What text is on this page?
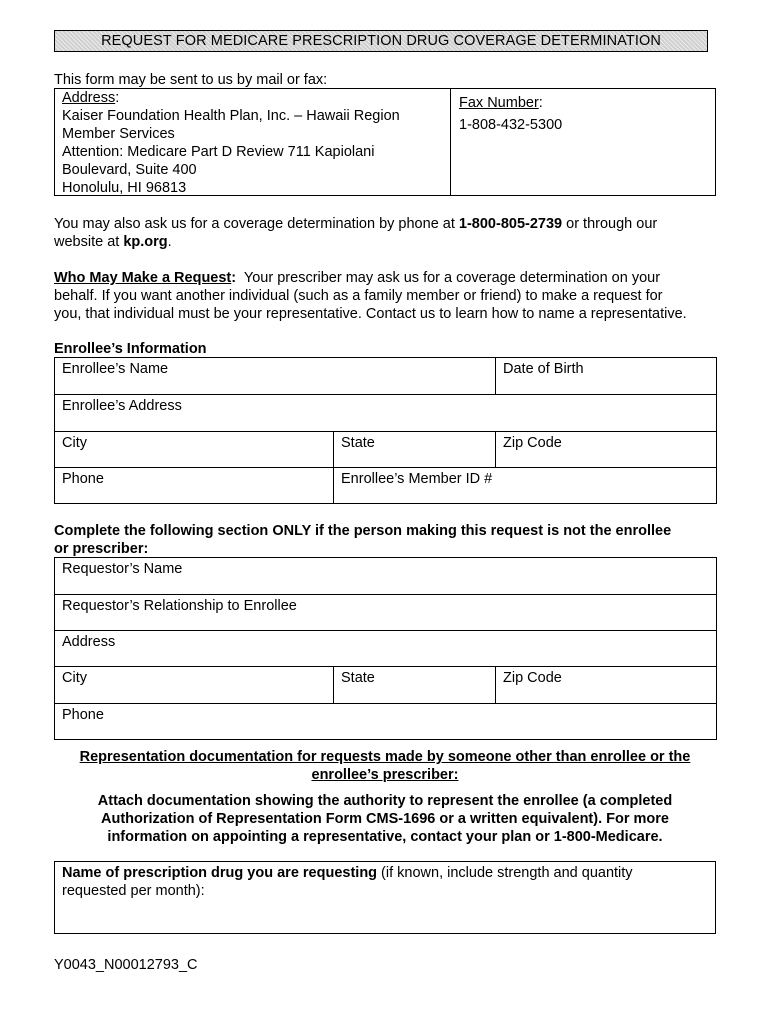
REQUEST FOR MEDICARE PRESCRIPTION DRUG COVERAGE DETERMINATION
This form may be sent to us by mail or fax:
Address:
Kaiser Foundation Health Plan, Inc. – Hawaii Region
Member Services
Attention: Medicare Part D Review 711 Kapiolani
Boulevard, Suite 400
Honolulu, HI 96813
Fax Number:
1-808-432-5300
You may also ask us for a coverage determination by phone at 1-800-805-2739 or through our
website at kp.org.
Who May Make a Request:  Your prescriber may ask us for a coverage determination on your
behalf. If you want another individual (such as a family member or friend) to make a request for
you, that individual must be your representative. Contact us to learn how to name a representative.
Enrollee’s Information
Enrollee’s Name		Date of Birth
Enrollee’s Address		
City	State	Zip Code
Phone	Enrollee’s Member ID #	
Complete the following section ONLY if the person making this request is not the enrollee
or prescriber:
Requestor’s Name
Requestor’s Relationship to Enrollee
Address
City	State	Zip Code
Phone
Representation documentation for requests made by someone other than enrollee or the
enrollee’s prescriber:
Attach documentation showing the authority to represent the enrollee (a completed
Authorization of Representation Form CMS-1696 or a written equivalent). For more
information on appointing a representative, contact your plan or 1-800-Medicare.
Name of prescription drug you are requesting (if known, include strength and quantity
requested per month):
Y0043_N00012793_C
